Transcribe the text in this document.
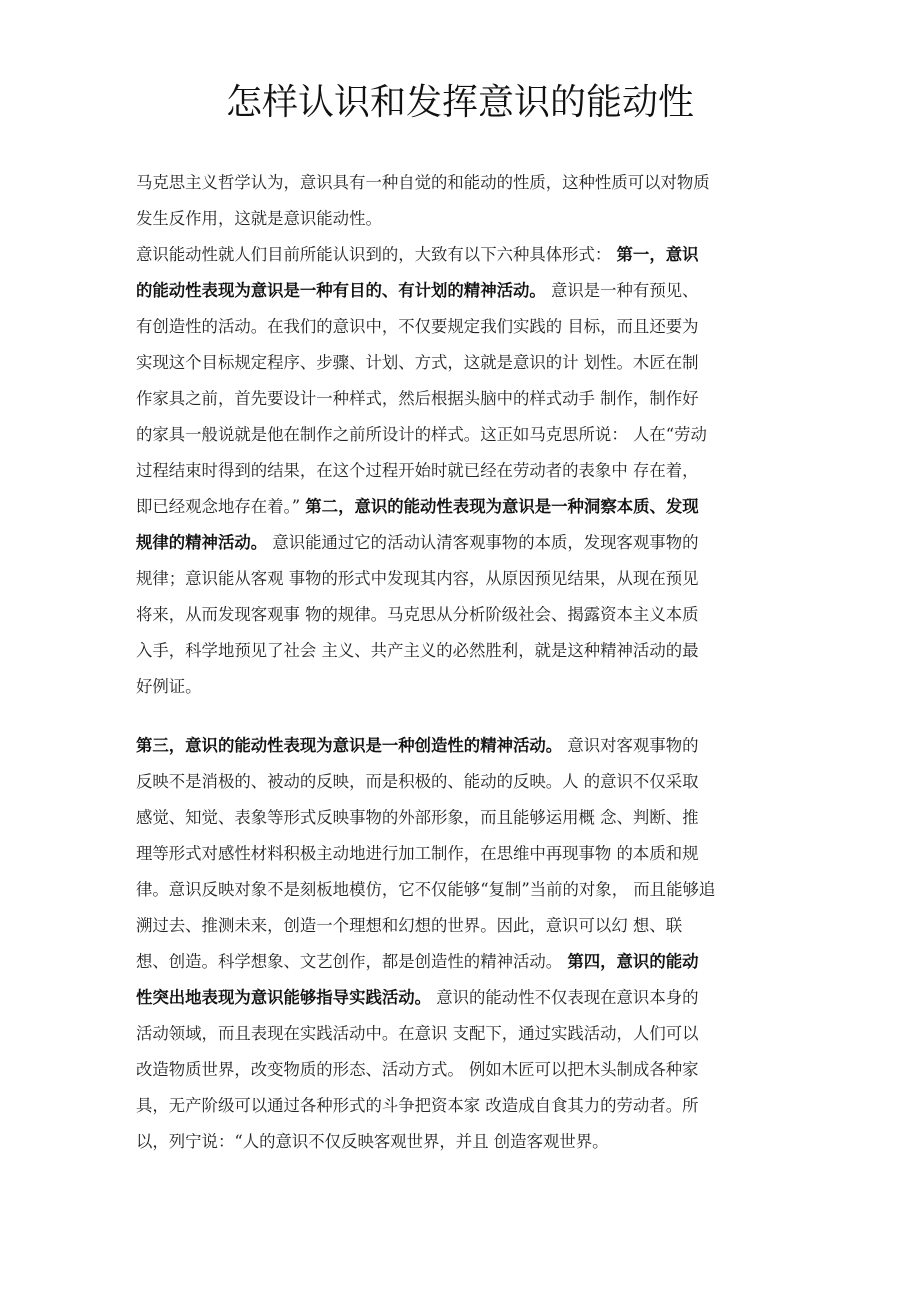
怎样认识和发挥意识的能动性
马克思主义哲学认为，意识具有一种自觉的和能动的性质，这种性质可以对物质
发生反作用，这就是意识能动性。
意识能动性就人们目前所能认识到的，大致有以下六种具体形式： 第一，意识
的能动性表现为意识是一种有目的、有计划的精神活动。 意识是一种有预见、
有创造性的活动。在我们的意识中，不仅要规定我们实践的 目标，而且还要为
实现这个目标规定程序、步骤、计划、方式，这就是意识的计 划性。木匠在制
作家具之前，首先要设计一种样式，然后根据头脑中的样式动手 制作，制作好
的家具一般说就是他在制作之前所设计的样式。这正如马克思所说： 人在“劳动
过程结束时得到的结果，在这个过程开始时就已经在劳动者的表象中 存在着，
即已经观念地存在着。” 第二，意识的能动性表现为意识是一种洞察本质、发现
规律的精神活动。 意识能通过它的活动认清客观事物的本质，发现客观事物的
规律；意识能从客观 事物的形式中发现其内容，从原因预见结果，从现在预见
将来，从而发现客观事 物的规律。马克思从分析阶级社会、揭露资本主义本质
入手，科学地预见了社会 主义、共产主义的必然胜利，就是这种精神活动的最
好例证。
第三，意识的能动性表现为意识是一种创造性的精神活动。 意识对客观事物的
反映不是消极的、被动的反映，而是积极的、能动的反映。人 的意识不仅采取
感觉、知觉、表象等形式反映事物的外部形象，而且能够运用概 念、判断、推
理等形式对感性材料积极主动地进行加工制作，在思维中再现事物 的本质和规
律。意识反映对象不是刻板地模仿，它不仅能够“复制”当前的对象， 而且能够追
溯过去、推测未来，创造一个理想和幻想的世界。因此，意识可以幻 想、联
想、创造。科学想象、文艺创作，都是创造性的精神活动。 第四，意识的能动
性突出地表现为意识能够指导实践活动。 意识的能动性不仅表现在意识本身的
活动领域，而且表现在实践活动中。在意识 支配下，通过实践活动，人们可以
改造物质世界，改变物质的形态、活动方式。 例如木匠可以把木头制成各种家
具，无产阶级可以通过各种形式的斗争把资本家 改造成自食其力的劳动者。所
以，列宁说：“人的意识不仅反映客观世界，并且 创造客观世界。
